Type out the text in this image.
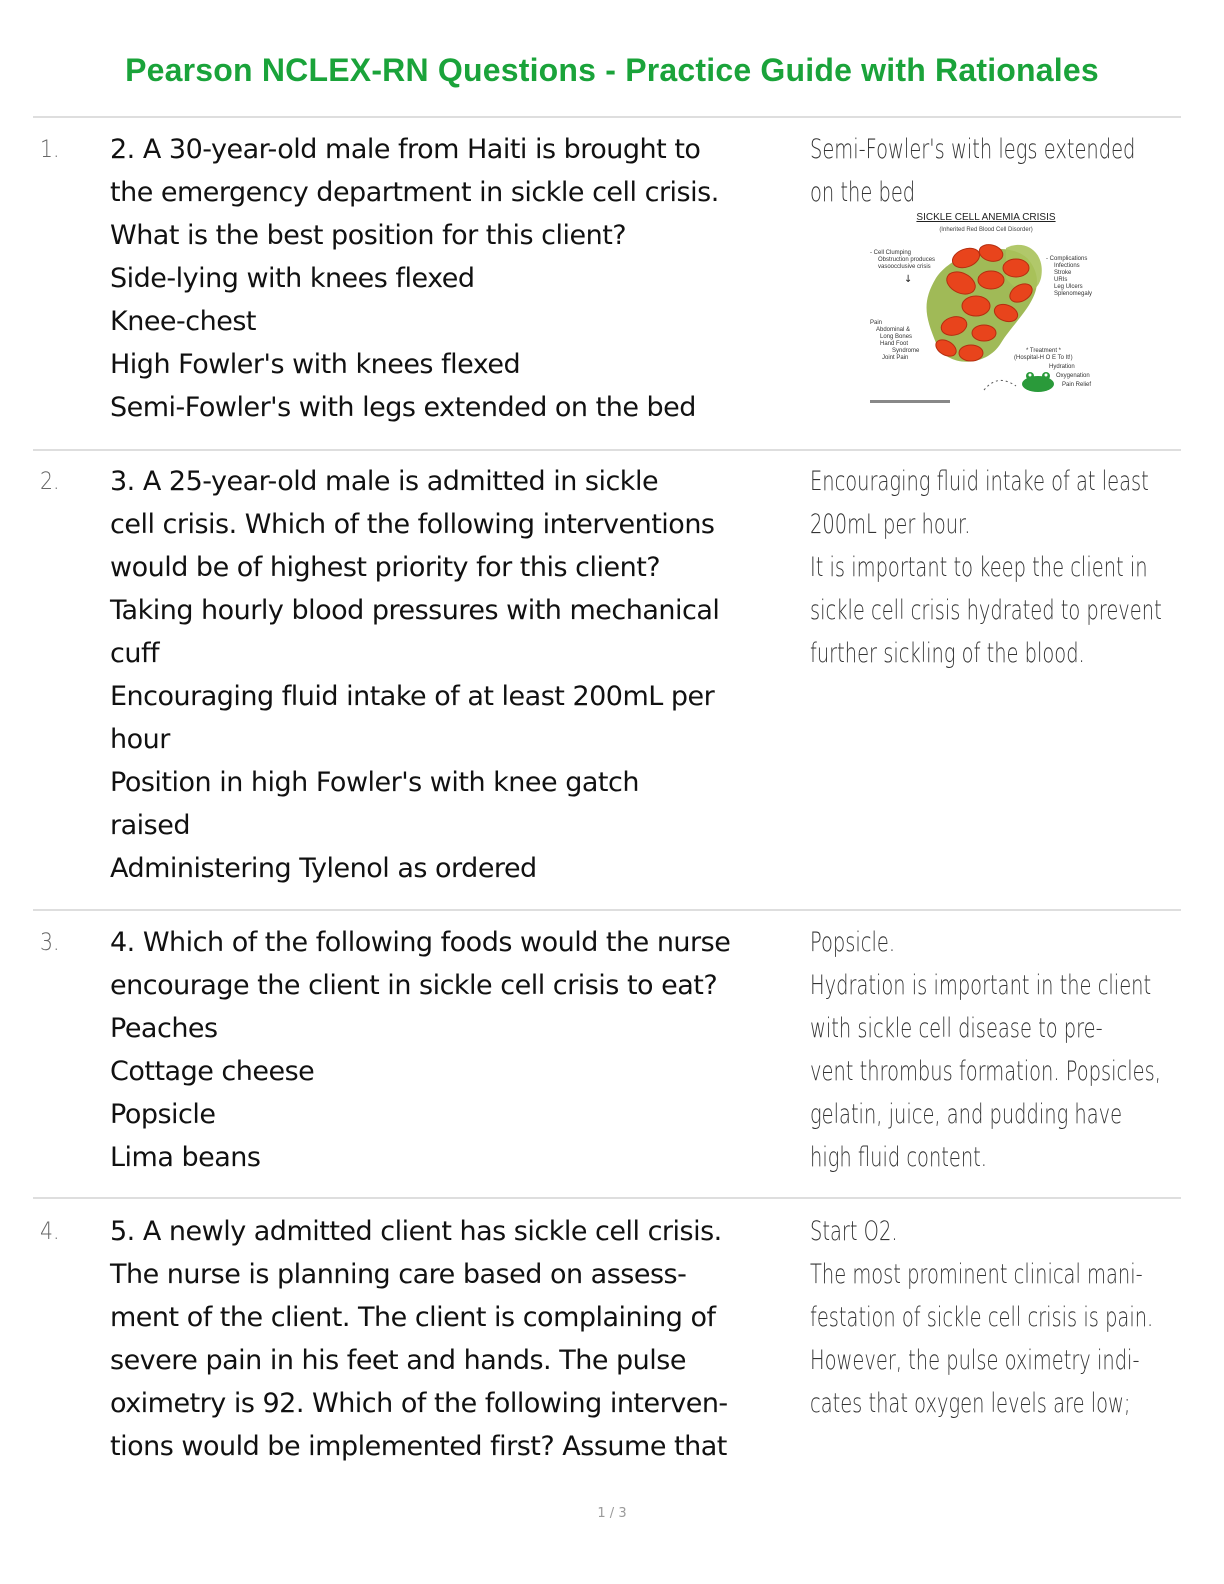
Pearson NCLEX-RN Questions - Practice Guide with Rationales
1. 2. A 30-year-old male from Haiti is brought to
the emergency department in sickle cell crisis.
What is the best position for this client?
Side-lying with knees flexed
Knee-chest
High Fowler's with knees flexed
Semi-Fowler's with legs extended on the bed
Semi-Fowler's with legs extended
on the bed
SICKLE CELL ANEMIA CRISIS
(Inherited Red Blood Cell Disorder)
- Cell Clumping
Obstruction produces
vasoocclusive crisis
Pain
Abdominal &
Long Bones
Hand Foot
Syndrome
Joint Pain
↓
- Complications
Infections
Stroke
URIs
Leg Ulcers
Splenomegaly
* Treatment *
(Hospital-H O E To It!)
Hydration
Oxygenation
Pain Relief
2. 3. A 25-year-old male is admitted in sickle
cell crisis. Which of the following interventions
would be of highest priority for this client?
Taking hourly blood pressures with mechanical
cuff
Encouraging fluid intake of at least 200mL per
hour
Position in high Fowler's with knee gatch
raised
Administering Tylenol as ordered
Encouraging fluid intake of at least
200mL per hour.
It is important to keep the client in
sickle cell crisis hydrated to prevent
further sickling of the blood.
3. 4. Which of the following foods would the nurse
encourage the client in sickle cell crisis to eat?
Peaches
Cottage cheese
Popsicle
Lima beans
Popsicle.
Hydration is important in the client
with sickle cell disease to pre-
vent thrombus formation. Popsicles,
gelatin, juice, and pudding have
high fluid content.
4. 5. A newly admitted client has sickle cell crisis.
The nurse is planning care based on assess-
ment of the client. The client is complaining of
severe pain in his feet and hands. The pulse
oximetry is 92. Which of the following interven-
tions would be implemented first? Assume that
Start O2.
The most prominent clinical mani-
festation of sickle cell crisis is pain.
However, the pulse oximetry indi-
cates that oxygen levels are low;
1 / 3
